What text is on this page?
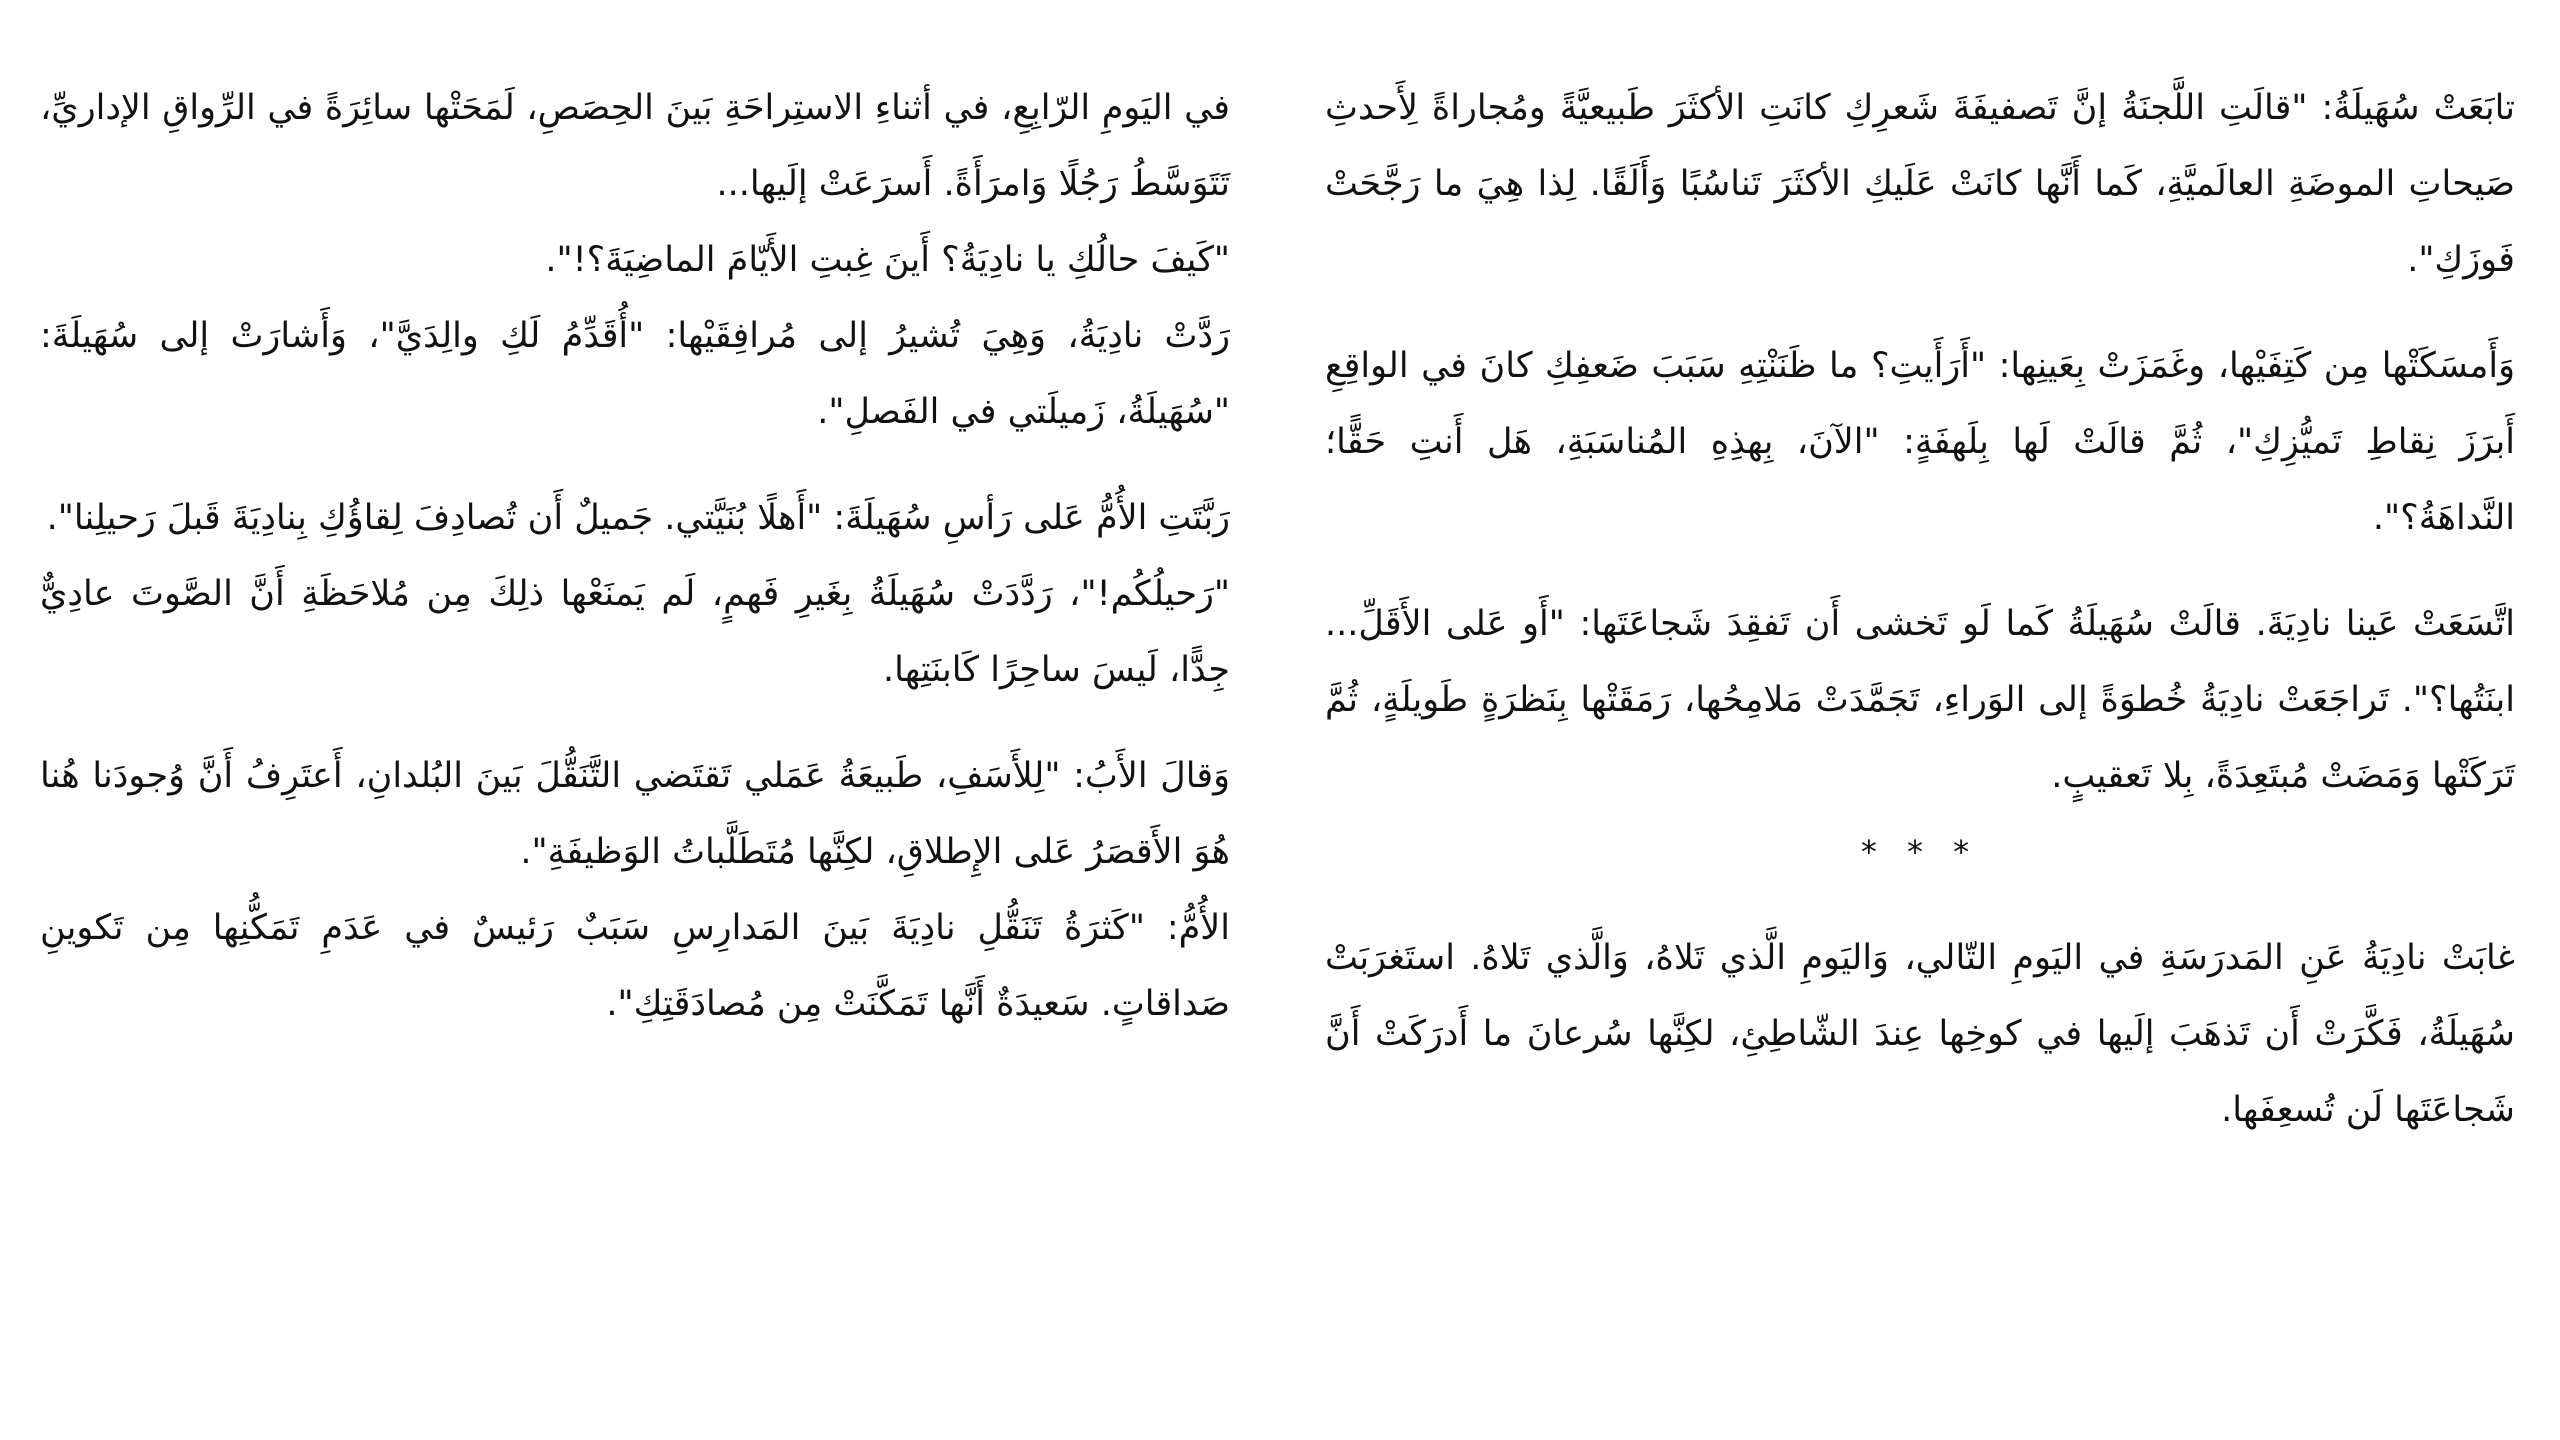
تابَعَتْ سُهَيلَةُ: "قالَتِ اللَّجنَةُ إنَّ تَصفيفَةَ شَعرِكِ كانَتِ الأكثَرَ طَبيعيَّةً ومُجاراةً لِأَحدثِ صَيحاتِ الموضَةِ العالَميَّةِ، كَما أَنَّها كانَتْ عَلَيكِ الأكثَرَ تَناسُبًا وَأَلَقًا. لِذا هِيَ ما رَجَّحَتْ فَوزَكِ".

وَأَمسَكَتْها مِن كَتِفَيْها، وغَمَزَتْ بِعَينِها: "أَرَأَيتِ؟ ما ظَنَنْتِهِ سَبَبَ ضَعفِكِ كانَ في الواقِعِ أَبرَزَ نِقاطِ تَميُّزِكِ"، ثُمَّ قالَتْ لَها بِلَهفَةٍ: "الآنَ، بِهذِهِ المُناسَبَةِ، هَل أَنتِ حَقًّا؛ النَّداهَةُ؟".

اتَّسَعَتْ عَينا نادِيَةَ. قالَتْ سُهَيلَةُ كَما لَو تَخشى أَن تَفقِدَ شَجاعَتَها: "أَو عَلى الأَقَلِّ... ابنَتُها؟". تَراجَعَتْ نادِيَةُ خُطوَةً إلى الوَراءِ، تَجَمَّدَتْ مَلامِحُها، رَمَقَتْها بِنَظرَةٍ طَويلَةٍ، ثُمَّ تَرَكَتْها وَمَضَتْ مُبتَعِدَةً، بِلا تَعقيبٍ.

* * *

غابَتْ نادِيَةُ عَنِ المَدرَسَةِ في اليَومِ التّالي، وَاليَومِ الَّذي تَلاهُ، وَالَّذي تَلاهُ. استَغرَبَتْ سُهَيلَةُ، فَكَّرَتْ أَن تَذهَبَ إلَيها في كوخِها عِندَ الشّاطِئِ، لكِنَّها سُرعانَ ما أَدرَكَتْ أَنَّ شَجاعَتَها لَن تُسعِفَها.

في اليَومِ الرّابِعِ، في أثناءِ الاستِراحَةِ بَينَ الحِصَصِ، لَمَحَتْها سائِرَةً في الرِّواقِ الإداريِّ، تَتَوَسَّطُ رَجُلًا وَامرَأَةً. أَسرَعَتْ إلَيها...

"كَيفَ حالُكِ يا نادِيَةُ؟ أَينَ غِبتِ الأَيّامَ الماضِيَةَ؟!".

رَدَّتْ نادِيَةُ، وَهِيَ تُشيرُ إلى مُرافِقَيْها: "أُقَدِّمُ لَكِ والِدَيَّ"، وَأَشارَتْ إلى سُهَيلَةَ: "سُهَيلَةُ، زَميلَتي في الفَصلِ".

رَبَّتَتِ الأُمُّ عَلى رَأسِ سُهَيلَةَ: "أَهلًا بُنَيَّتي. جَميلٌ أَن تُصادِفَ لِقاؤُكِ بِنادِيَةَ قَبلَ رَحيلِنا".

"رَحيلُكُم!"، رَدَّدَتْ سُهَيلَةُ بِغَيرِ فَهمٍ، لَم يَمنَعْها ذلِكَ مِن مُلاحَظَةِ أَنَّ الصَّوتَ عادِيٌّ جِدًّا، لَيسَ ساحِرًا كَابنَتِها.

وَقالَ الأَبُ: "لِلأَسَفِ، طَبيعَةُ عَمَلي تَقتَضي التَّنَقُّلَ بَينَ البُلدانِ، أَعتَرِفُ أَنَّ وُجودَنا هُنا هُوَ الأَقصَرُ عَلى الإِطلاقِ، لكِنَّها مُتَطَلَّباتُ الوَظيفَةِ".

الأُمُّ: "كَثرَةُ تَنَقُّلِ نادِيَةَ بَينَ المَدارِسِ سَبَبٌ رَئيسٌ في عَدَمِ تَمَكُّنِها مِن تَكوينِ صَداقاتٍ. سَعيدَةٌ أَنَّها تَمَكَّنَتْ مِن مُصادَقَتِكِ".
